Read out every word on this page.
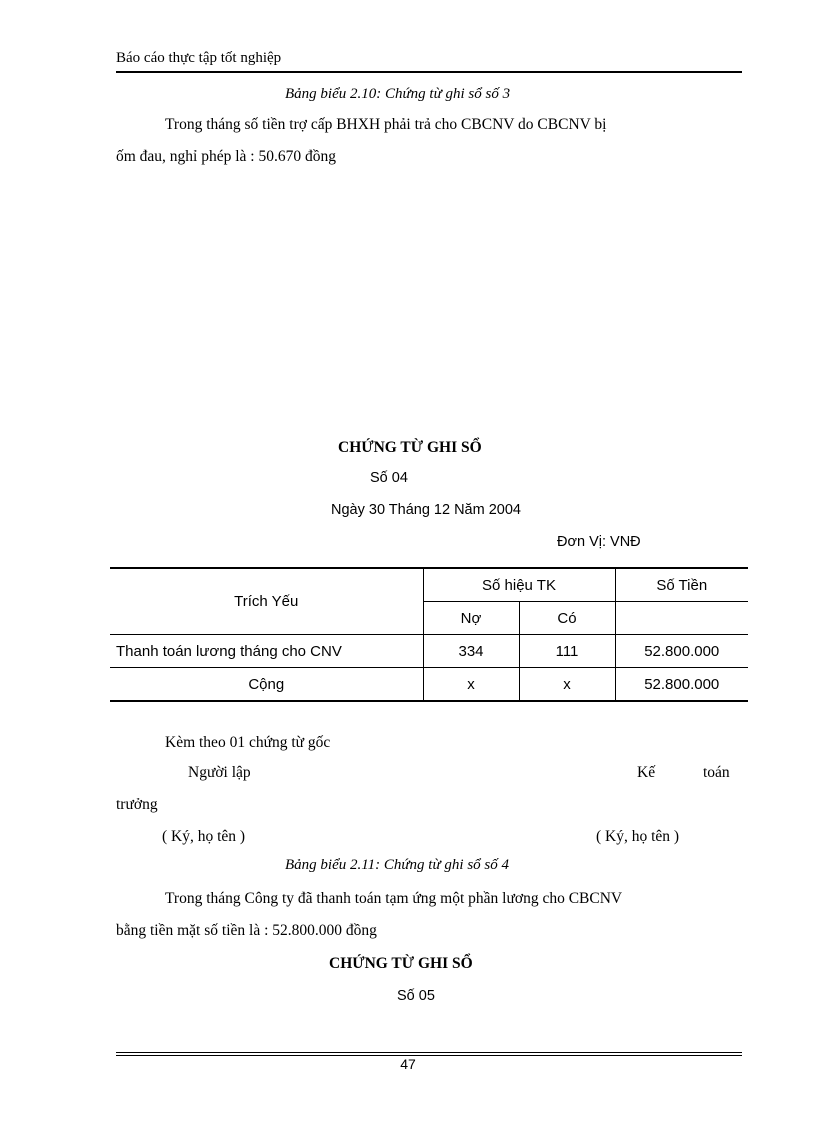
Báo cáo thực tập tốt nghiệp
Bảng biểu 2.10: Chứng từ ghi sổ số 3
Trong tháng số tiền trợ cấp BHXH phải trả cho CBCNV do CBCNV bị
ốm đau, nghỉ phép là : 50.670 đồng
CHỨNG TỪ GHI SỔ
Số 04
Ngày 30 Tháng 12 Năm 2004
Đơn Vị: VNĐ
Trích Yếu	Số hiệu TK		Số Tiền
	Nợ	Có	
Thanh toán lương tháng cho CNV	334	111	52.800.000
Cộng	x	x	52.800.000
Kèm theo 01 chứng từ gốc
Người lập	Kế	toán
trưởng
( Ký, họ tên )	( Ký, họ tên )
Bảng biểu 2.11: Chứng từ ghi sổ số 4
Trong tháng Công ty đã thanh toán tạm ứng một phần lương cho CBCNV
bằng tiền mặt số tiền là : 52.800.000 đồng
CHỨNG TỪ GHI SỔ
Số 05
47
